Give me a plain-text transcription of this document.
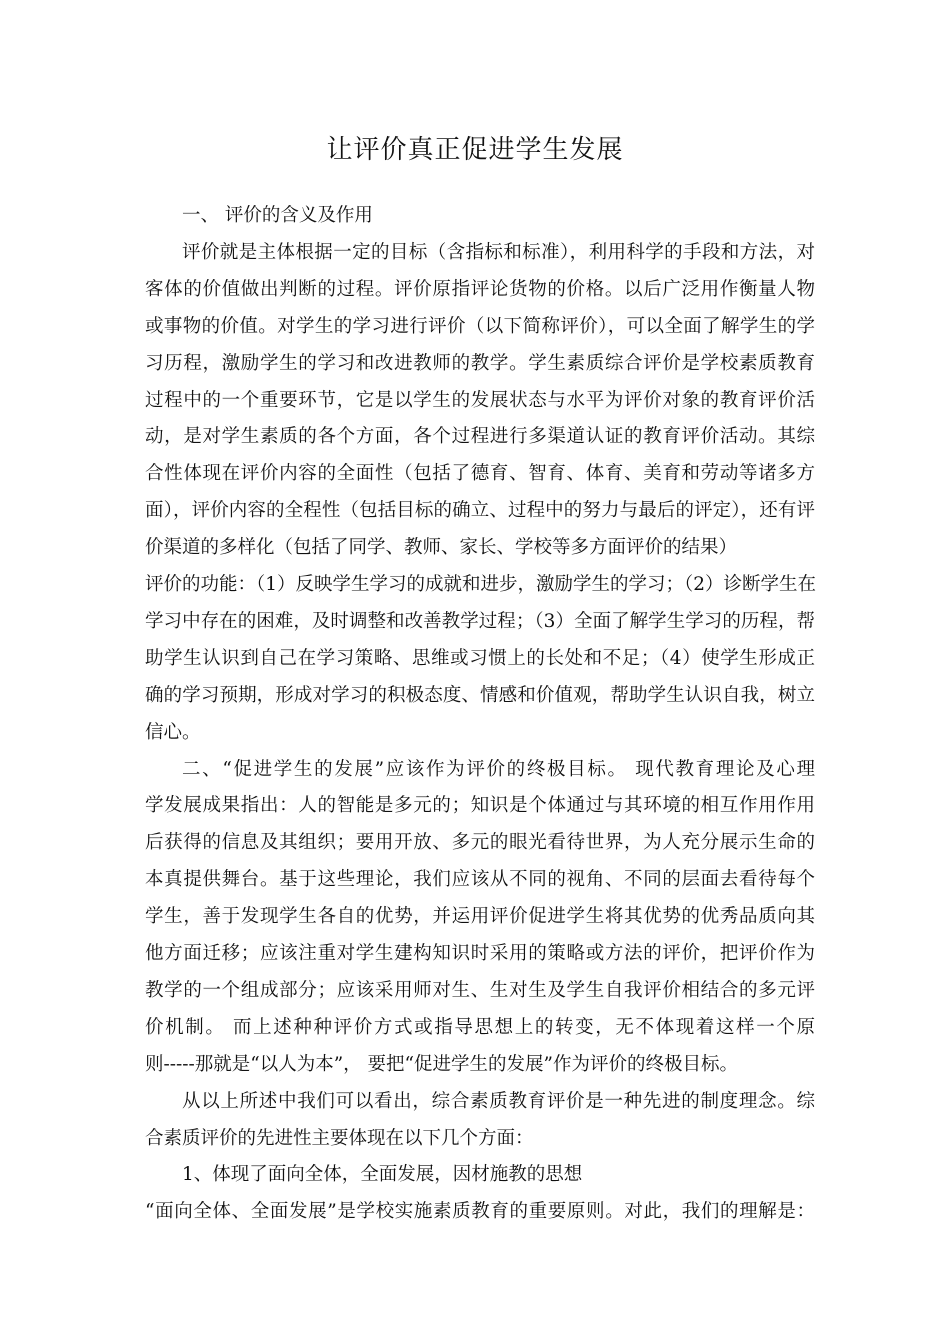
让评价真正促进学生发展

一、 评价的含义及作用

评价就是主体根据一定的目标（含指标和标准），利用科学的手段和方法，对

客体的价值做出判断的过程。评价原指评论货物的价格。以后广泛用作衡量人物

或事物的价值。对学生的学习进行评价（以下简称评价），可以全面了解学生的学

习历程，激励学生的学习和改进教师的教学。学生素质综合评价是学校素质教育

过程中的一个重要环节，它是以学生的发展状态与水平为评价对象的教育评价活

动，是对学生素质的各个方面，各个过程进行多渠道认证的教育评价活动。其综

合性体现在评价内容的全面性（包括了德育、智育、体育、美育和劳动等诸多方

面），评价内容的全程性（包括目标的确立、过程中的努力与最后的评定），还有评

价渠道的多样化（包括了同学、教师、家长、学校等多方面评价的结果）

评价的功能：（1）反映学生学习的成就和进步，激励学生的学习；（2）诊断学生在

学习中存在的困难，及时调整和改善教学过程；（3）全面了解学生学习的历程，帮

助学生认识到自己在学习策略、思维或习惯上的长处和不足；（4）使学生形成正

确的学习预期，形成对学习的积极态度、情感和价值观，帮助学生认识自我，树立

信心。

二、“促进学生的发展”应该作为评价的终极目标。 现代教育理论及心理

学发展成果指出：人的智能是多元的；知识是个体通过与其环境的相互作用作用

后获得的信息及其组织；要用开放、多元的眼光看待世界，为人充分展示生命的

本真提供舞台。基于这些理论，我们应该从不同的视角、不同的层面去看待每个

学生，善于发现学生各自的优势，并运用评价促进学生将其优势的优秀品质向其

他方面迁移；应该注重对学生建构知识时采用的策略或方法的评价，把评价作为

教学的一个组成部分；应该采用师对生、生对生及学生自我评价相结合的多元评

价机制。 而上述种种评价方式或指导思想上的转变，无不体现着这样一个原

则-----那就是“以人为本”， 要把“促进学生的发展”作为评价的终极目标。

从以上所述中我们可以看出，综合素质教育评价是一种先进的制度理念。综

合素质评价的先进性主要体现在以下几个方面：

1、体现了面向全体，全面发展，因材施教的思想

“面向全体、全面发展”是学校实施素质教育的重要原则。对此，我们的理解是：
